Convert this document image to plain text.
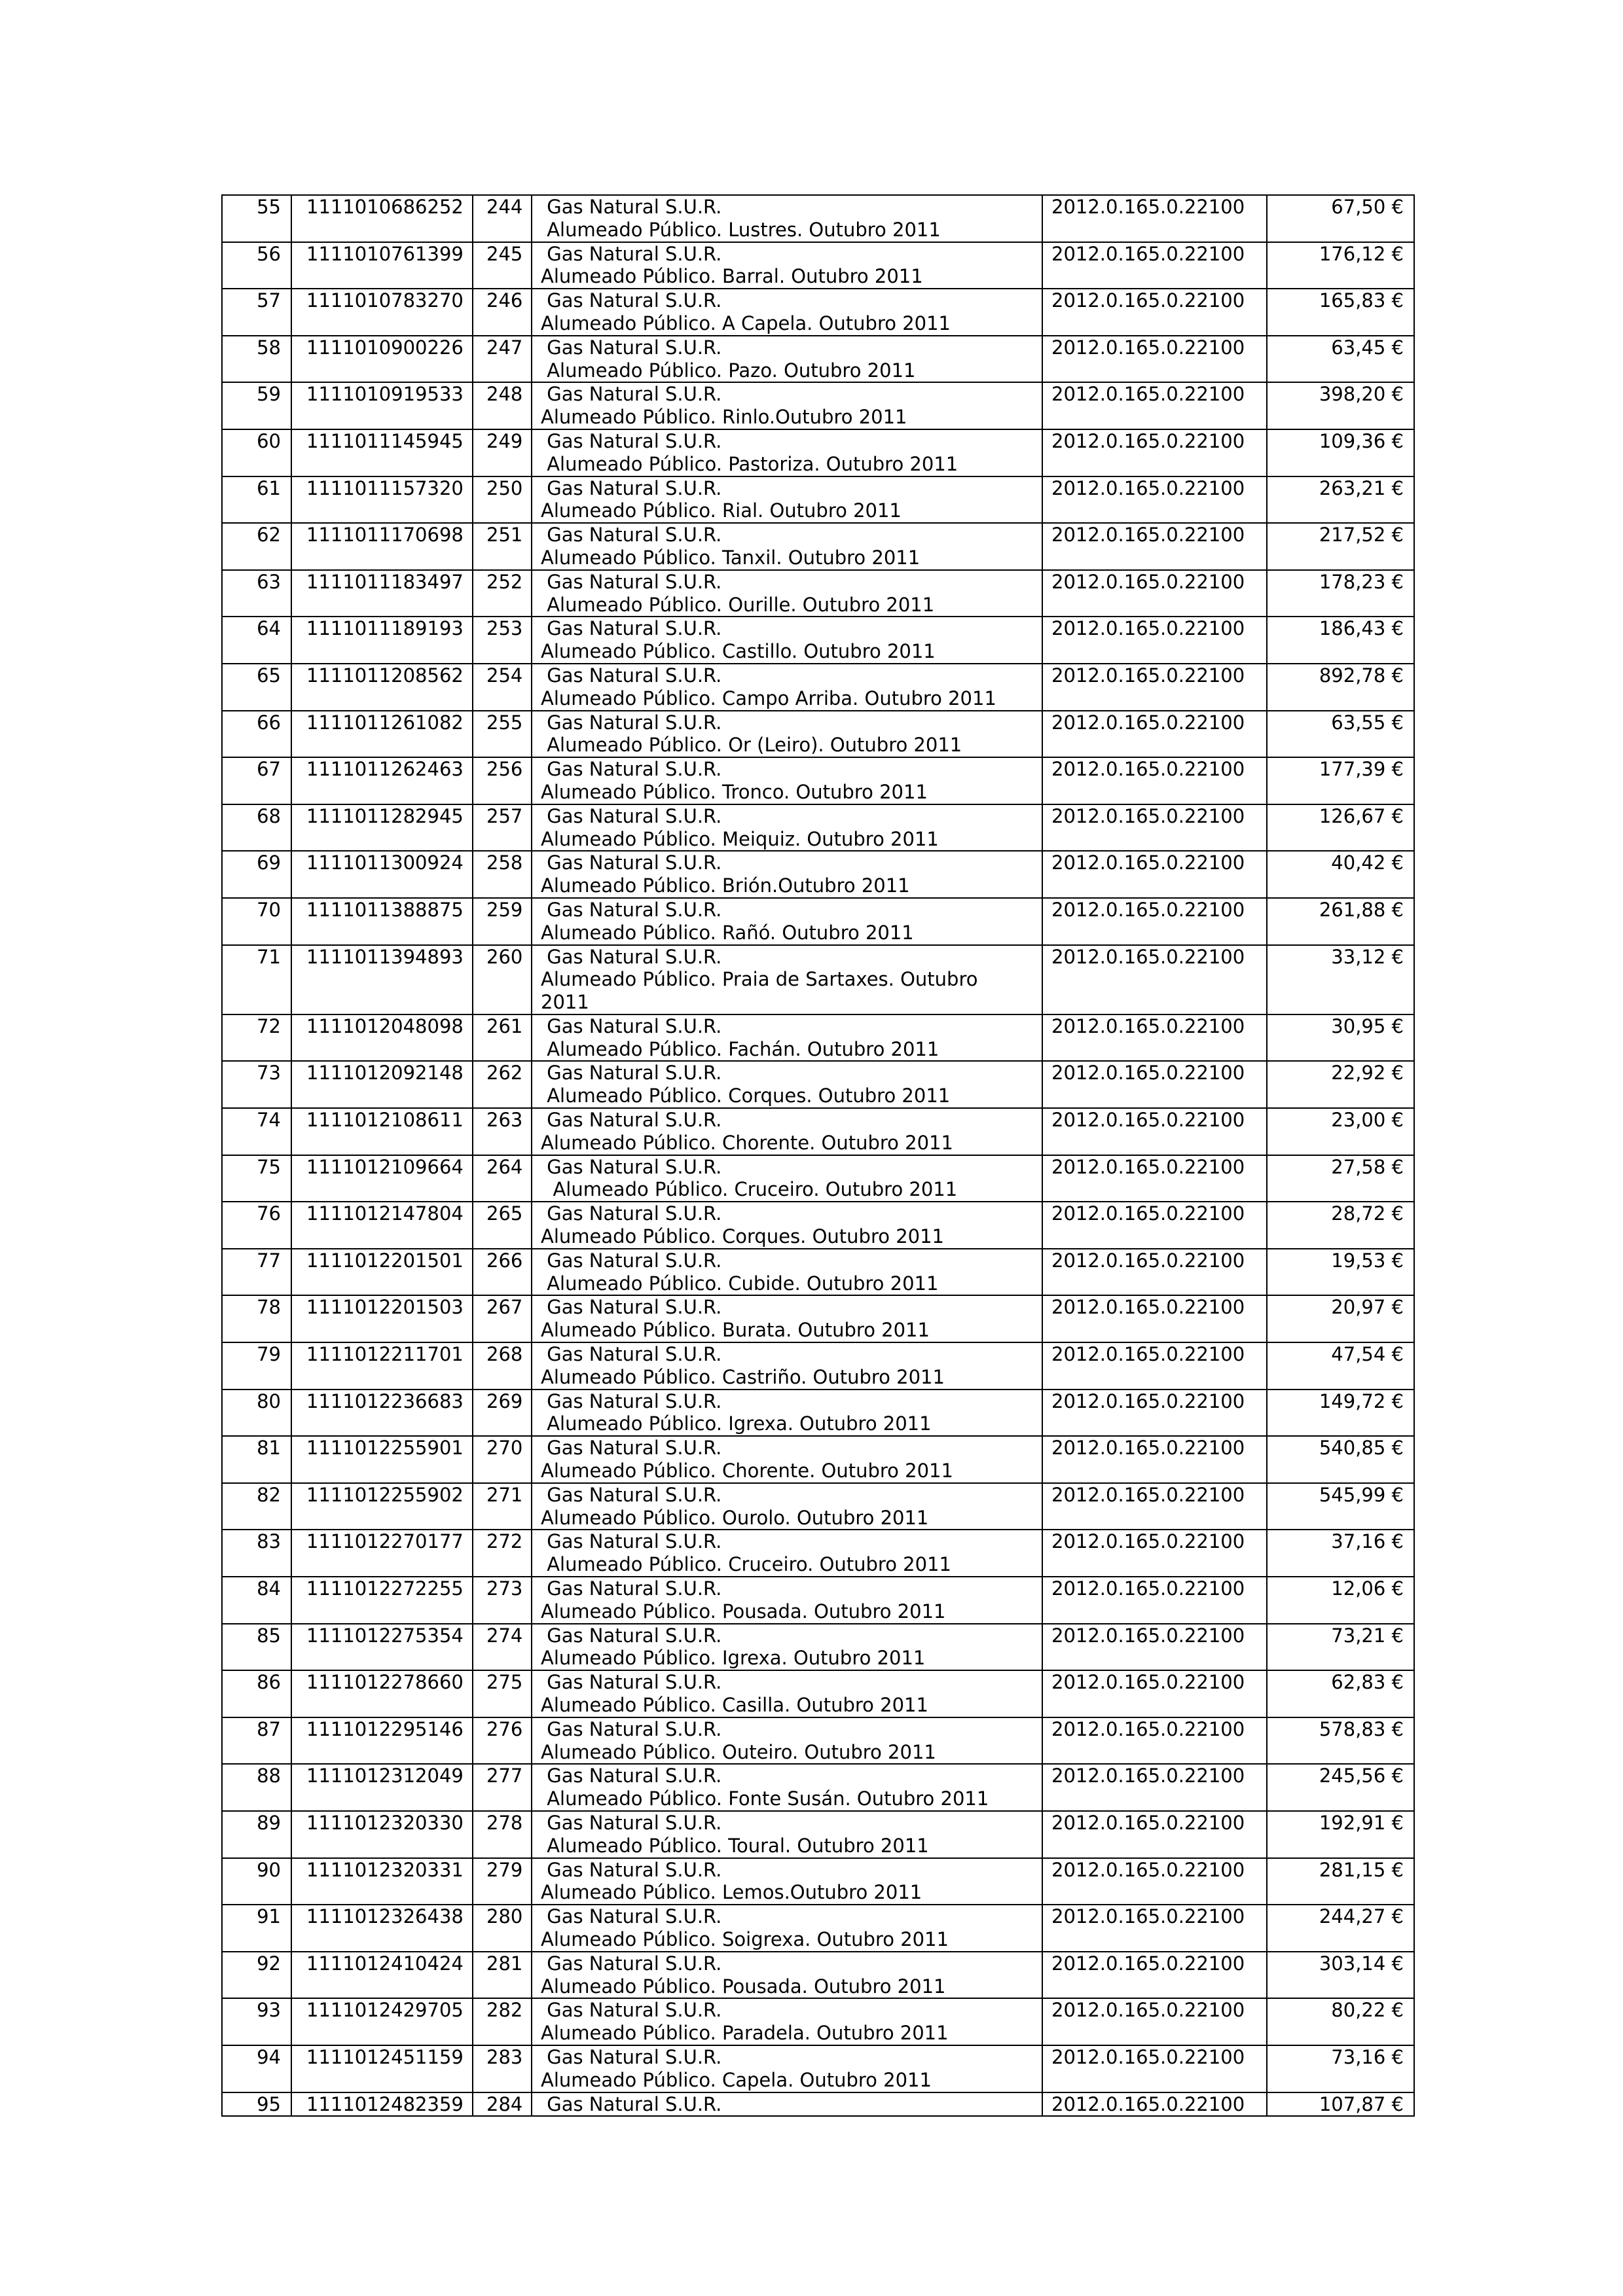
55	1111010686252	244	Gas Natural S.U.R.
Alumeado Público. Lustres. Outubro 2011	2012.0.165.0.22100	67,50 €
56	1111010761399	245	Gas Natural S.U.R.
Alumeado Público. Barral. Outubro 2011	2012.0.165.0.22100	176,12 €
57	1111010783270	246	Gas Natural S.U.R.
Alumeado Público. A Capela. Outubro 2011	2012.0.165.0.22100	165,83 €
58	1111010900226	247	Gas Natural S.U.R.
Alumeado Público. Pazo. Outubro 2011	2012.0.165.0.22100	63,45 €
59	1111010919533	248	Gas Natural S.U.R.
Alumeado Público. Rinlo.Outubro 2011	2012.0.165.0.22100	398,20 €
60	1111011145945	249	Gas Natural S.U.R.
Alumeado Público. Pastoriza. Outubro 2011	2012.0.165.0.22100	109,36 €
61	1111011157320	250	Gas Natural S.U.R.
Alumeado Público. Rial. Outubro 2011	2012.0.165.0.22100	263,21 €
62	1111011170698	251	Gas Natural S.U.R.
Alumeado Público. Tanxil. Outubro 2011	2012.0.165.0.22100	217,52 €
63	1111011183497	252	Gas Natural S.U.R.
Alumeado Público. Ourille. Outubro 2011	2012.0.165.0.22100	178,23 €
64	1111011189193	253	Gas Natural S.U.R.
Alumeado Público. Castillo. Outubro 2011	2012.0.165.0.22100	186,43 €
65	1111011208562	254	Gas Natural S.U.R.
Alumeado Público. Campo Arriba. Outubro 2011	2012.0.165.0.22100	892,78 €
66	1111011261082	255	Gas Natural S.U.R.
Alumeado Público. Or (Leiro). Outubro 2011	2012.0.165.0.22100	63,55 €
67	1111011262463	256	Gas Natural S.U.R.
Alumeado Público. Tronco. Outubro 2011	2012.0.165.0.22100	177,39 €
68	1111011282945	257	Gas Natural S.U.R.
Alumeado Público. Meiquiz. Outubro 2011	2012.0.165.0.22100	126,67 €
69	1111011300924	258	Gas Natural S.U.R.
Alumeado Público. Brión.Outubro 2011	2012.0.165.0.22100	40,42 €
70	1111011388875	259	Gas Natural S.U.R.
Alumeado Público. Rañó. Outubro 2011	2012.0.165.0.22100	261,88 €
71	1111011394893	260	Gas Natural S.U.R.
Alumeado Público. Praia de Sartaxes. Outubro 2011	2012.0.165.0.22100	33,12 €
72	1111012048098	261	Gas Natural S.U.R.
Alumeado Público. Fachán. Outubro 2011	2012.0.165.0.22100	30,95 €
73	1111012092148	262	Gas Natural S.U.R.
Alumeado Público. Corques. Outubro 2011	2012.0.165.0.22100	22,92 €
74	1111012108611	263	Gas Natural S.U.R.
Alumeado Público. Chorente. Outubro 2011	2012.0.165.0.22100	23,00 €
75	1111012109664	264	Gas Natural S.U.R.
Alumeado Público. Cruceiro. Outubro 2011	2012.0.165.0.22100	27,58 €
76	1111012147804	265	Gas Natural S.U.R.
Alumeado Público. Corques. Outubro 2011	2012.0.165.0.22100	28,72 €
77	1111012201501	266	Gas Natural S.U.R.
Alumeado Público. Cubide. Outubro 2011	2012.0.165.0.22100	19,53 €
78	1111012201503	267	Gas Natural S.U.R.
Alumeado Público. Burata. Outubro 2011	2012.0.165.0.22100	20,97 €
79	1111012211701	268	Gas Natural S.U.R.
Alumeado Público. Castriño. Outubro 2011	2012.0.165.0.22100	47,54 €
80	1111012236683	269	Gas Natural S.U.R.
Alumeado Público. Igrexa. Outubro 2011	2012.0.165.0.22100	149,72 €
81	1111012255901	270	Gas Natural S.U.R.
Alumeado Público. Chorente. Outubro 2011	2012.0.165.0.22100	540,85 €
82	1111012255902	271	Gas Natural S.U.R.
Alumeado Público. Ourolo. Outubro 2011	2012.0.165.0.22100	545,99 €
83	1111012270177	272	Gas Natural S.U.R.
Alumeado Público. Cruceiro. Outubro 2011	2012.0.165.0.22100	37,16 €
84	1111012272255	273	Gas Natural S.U.R.
Alumeado Público. Pousada. Outubro 2011	2012.0.165.0.22100	12,06 €
85	1111012275354	274	Gas Natural S.U.R.
Alumeado Público. Igrexa. Outubro 2011	2012.0.165.0.22100	73,21 €
86	1111012278660	275	Gas Natural S.U.R.
Alumeado Público. Casilla. Outubro 2011	2012.0.165.0.22100	62,83 €
87	1111012295146	276	Gas Natural S.U.R.
Alumeado Público. Outeiro. Outubro 2011	2012.0.165.0.22100	578,83 €
88	1111012312049	277	Gas Natural S.U.R.
Alumeado Público. Fonte Susán. Outubro 2011	2012.0.165.0.22100	245,56 €
89	1111012320330	278	Gas Natural S.U.R.
Alumeado Público. Toural. Outubro 2011	2012.0.165.0.22100	192,91 €
90	1111012320331	279	Gas Natural S.U.R.
Alumeado Público. Lemos.Outubro 2011	2012.0.165.0.22100	281,15 €
91	1111012326438	280	Gas Natural S.U.R.
Alumeado Público. Soigrexa. Outubro 2011	2012.0.165.0.22100	244,27 €
92	1111012410424	281	Gas Natural S.U.R.
Alumeado Público. Pousada. Outubro 2011	2012.0.165.0.22100	303,14 €
93	1111012429705	282	Gas Natural S.U.R.
Alumeado Público. Paradela. Outubro 2011	2012.0.165.0.22100	80,22 €
94	1111012451159	283	Gas Natural S.U.R.
Alumeado Público. Capela. Outubro 2011	2012.0.165.0.22100	73,16 €
95	1111012482359	284	Gas Natural S.U.R.	2012.0.165.0.22100	107,87 €
